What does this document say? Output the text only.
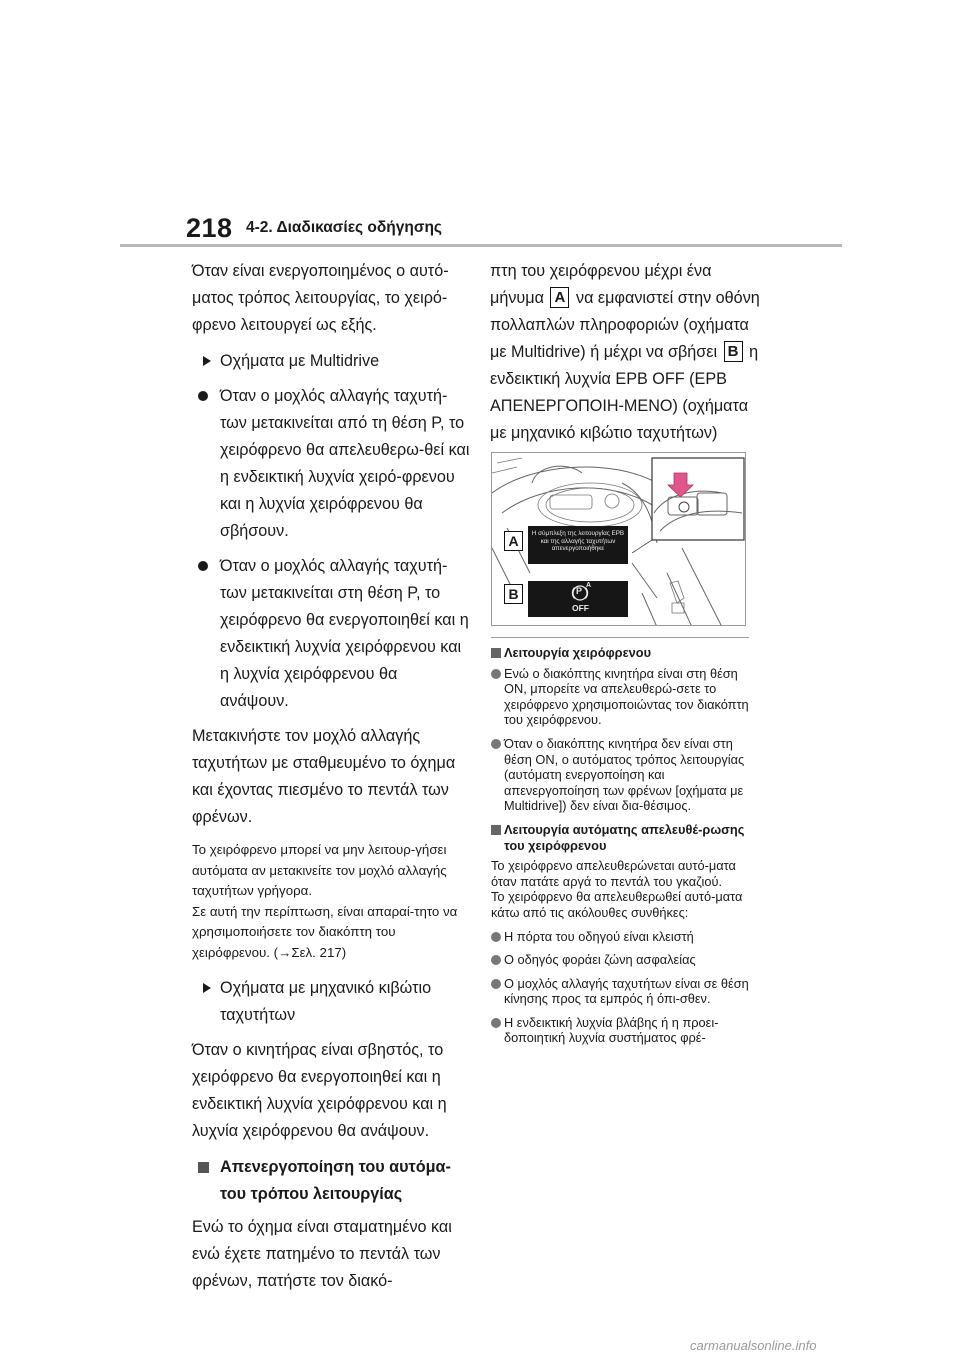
218 4-2. Διαδικασίες οδήγησης

Όταν είναι ενεργοποιημένος ο αυτό-ματος τρόπος λειτουργίας, το χειρό-φρενο λειτουργεί ως εξής.

Οχήματα με Multidrive

Όταν ο μοχλός αλλαγής ταχυτή-των μετακινείται από τη θέση P, το χειρόφρενο θα απελευθερω-θεί και η ενδεικτική λυχνία χειρό-φρενου και η λυχνία χειρόφρενου θα σβήσουν.

Όταν ο μοχλός αλλαγής ταχυτή-των μετακινείται στη θέση P, το χειρόφρενο θα ενεργοποιηθεί και η ενδεικτική λυχνία χειρόφρενου και η λυχνία χειρόφρενου θα ανάψουν.

Μετακινήστε τον μοχλό αλλαγής ταχυτήτων με σταθμευμένο το όχημα και έχοντας πιεσμένο το πεντάλ των φρένων.

Το χειρόφρενο μπορεί να μην λειτουρ-γήσει αυτόματα αν μετακινείτε τον μοχλό αλλαγής ταχυτήτων γρήγορα.
Σε αυτή την περίπτωση, είναι απαραί-τητο να χρησιμοποιήσετε τον διακόπτη του χειρόφρενου. (→Σελ. 217)

Οχήματα με μηχανικό κιβώτιο ταχυτήτων

Όταν ο κινητήρας είναι σβηστός, το χειρόφρενο θα ενεργοποιηθεί και η ενδεικτική λυχνία χειρόφρενου και η λυχνία χειρόφρενου θα ανάψουν.

Απενεργοποίηση του αυτόμα-του τρόπου λειτουργίας

Ενώ το όχημα είναι σταματημένο και ενώ έχετε πατημένο το πεντάλ των φρένων, πατήστε τον διακό-

πτη του χειρόφρενου μέχρι ένα μήνυμα A να εμφανιστεί στην οθόνη πολλαπλών πληροφοριών (οχήματα με Multidrive) ή μέχρι να σβήσει B η ενδεικτική λυχνία EPB OFF (EPB ΑΠΕΝΕΡΓΟΠΟΙΗ-ΜΕΝΟ) (οχήματα με μηχανικό κιβώτιο ταχυτήτων)
Η σύμπλεξη της λειτουργίας EPB και της αλλαγής ταχυτήτων απενεργοποιήθηκε
A
B	P
A
OFF

Λειτουργία χειρόφρενου

Ενώ ο διακόπτης κινητήρα είναι στη θέση ON, μπορείτε να απελευθερώ-σετε το χειρόφρενο χρησιμοποιώντας τον διακόπτη του χειρόφρενου.

Όταν ο διακόπτης κινητήρα δεν είναι στη θέση ON, ο αυτόματος τρόπος λειτουργίας (αυτόματη ενεργοποίηση και απενεργοποίηση των φρένων [οχήματα με Multidrive]) δεν είναι δια-θέσιμος.

Λειτουργία αυτόματης απελευθέ-ρωσης του χειρόφρενου

Το χειρόφρενο απελευθερώνεται αυτό-ματα όταν πατάτε αργά το πεντάλ του γκαζιού.

Το χειρόφρενο θα απελευθερωθεί αυτό-ματα κάτω από τις ακόλουθες συνθήκες:

Η πόρτα του οδηγού είναι κλειστή

Ο οδηγός φοράει ζώνη ασφαλείας

Ο μοχλός αλλαγής ταχυτήτων είναι σε θέση κίνησης προς τα εμπρός ή όπι-σθεν.

Η ενδεικτική λυχνία βλάβης ή η προει-δοποιητική λυχνία συστήματος φρέ-

carmanualsonline.info
